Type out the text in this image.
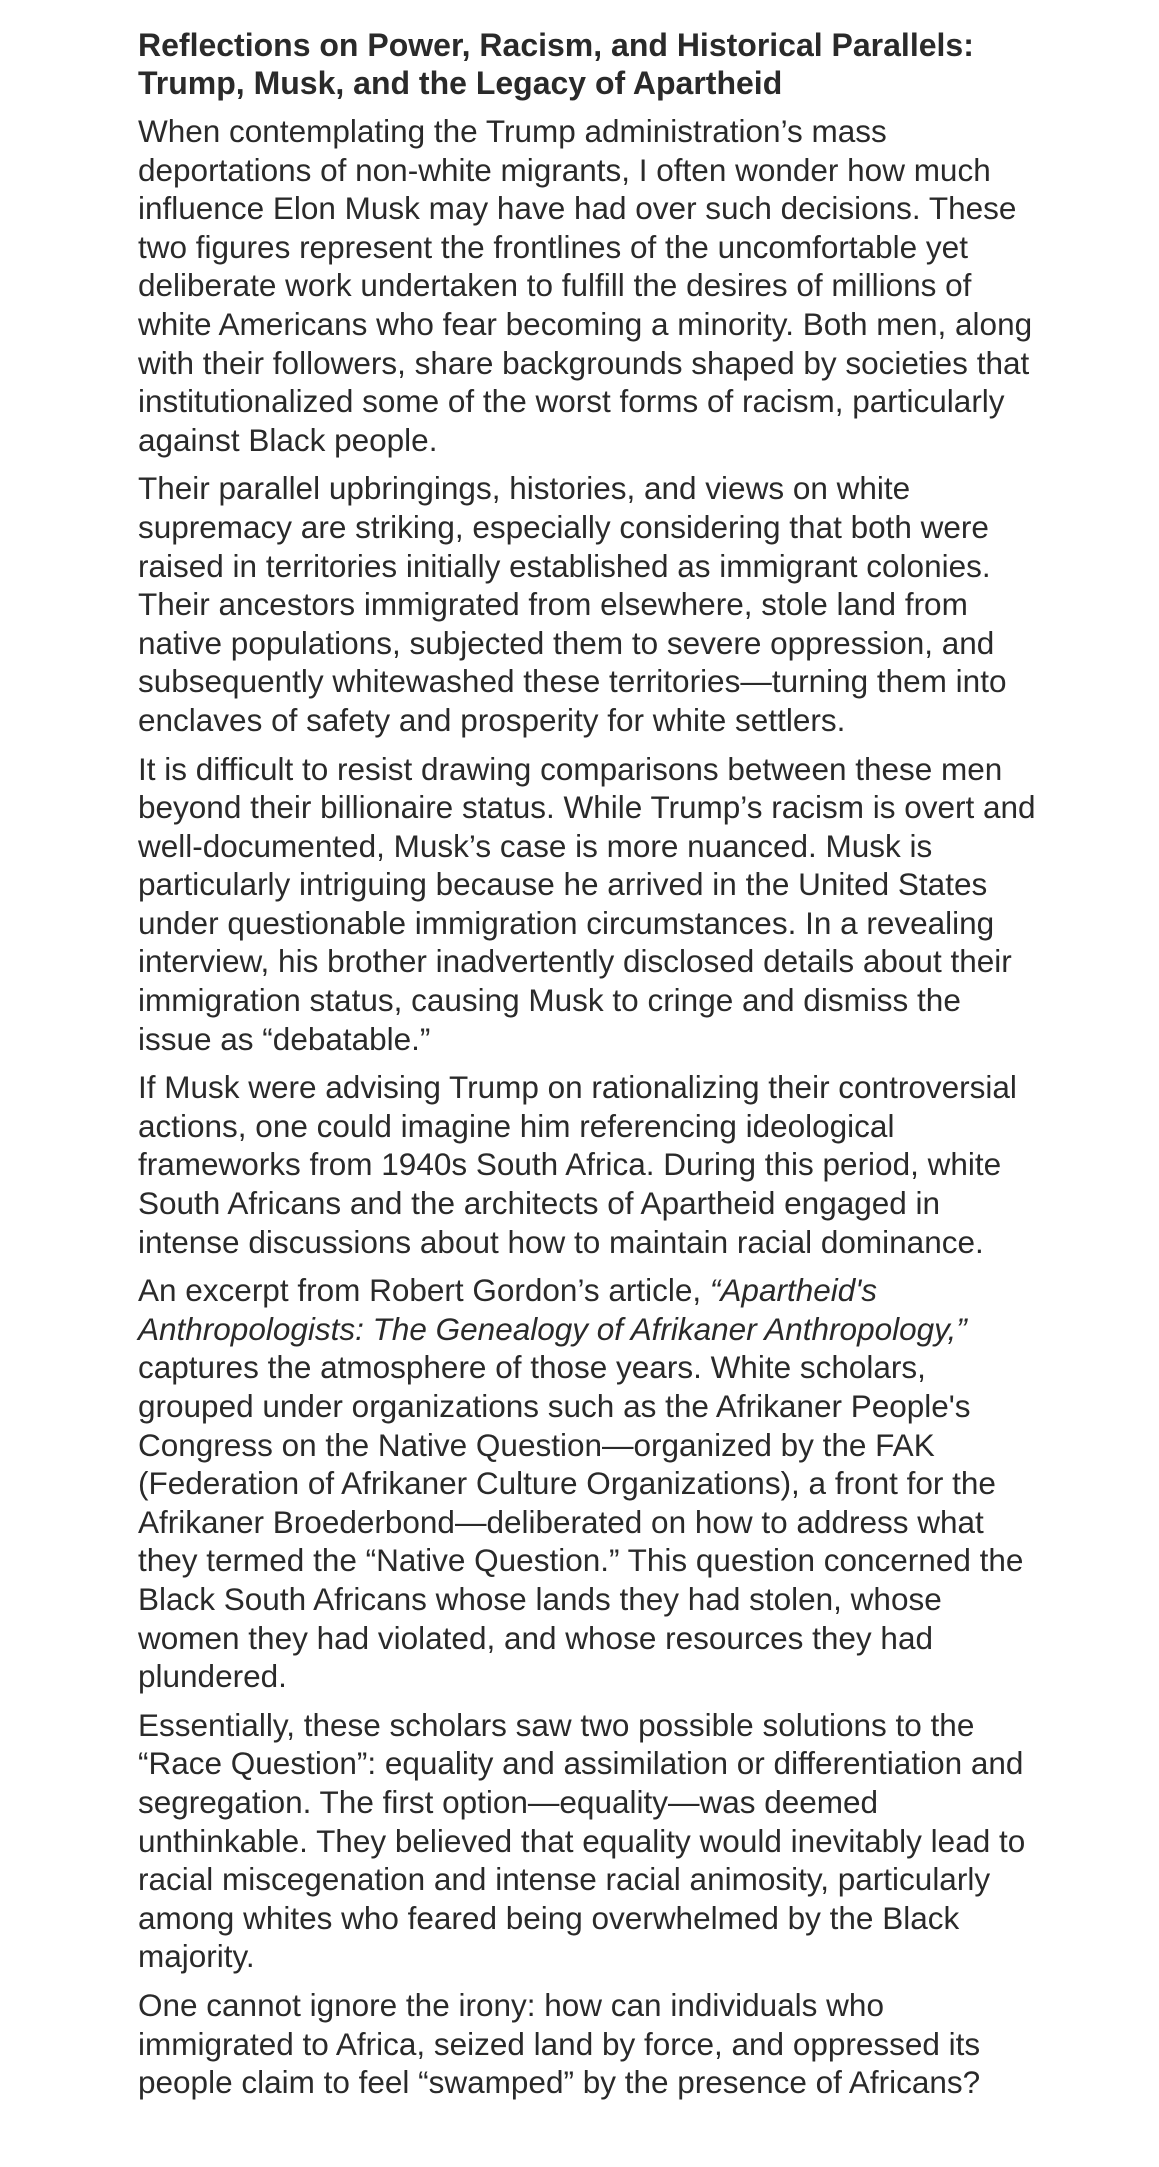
Reflections on Power, Racism, and Historical Parallels:
Trump, Musk, and the Legacy of Apartheid

When contemplating the Trump administration’s mass deportations of non-white migrants, I often wonder how much influence Elon Musk may have had over such decisions. These two figures represent the frontlines of the uncomfortable yet deliberate work undertaken to fulfill the desires of millions of white Americans who fear becoming a minority. Both men, along with their followers, share backgrounds shaped by societies that institutionalized some of the worst forms of racism, particularly against Black people.

Their parallel upbringings, histories, and views on white supremacy are striking, especially considering that both were raised in territories initially established as immigrant colonies. Their ancestors immigrated from elsewhere, stole land from native populations, subjected them to severe oppression, and subsequently whitewashed these territories—turning them into enclaves of safety and prosperity for white settlers.

It is difficult to resist drawing comparisons between these men beyond their billionaire status. While Trump’s racism is overt and well-documented, Musk’s case is more nuanced. Musk is particularly intriguing because he arrived in the United States under questionable immigration circumstances. In a revealing interview, his brother inadvertently disclosed details about their immigration status, causing Musk to cringe and dismiss the issue as “debatable.”

If Musk were advising Trump on rationalizing their controversial actions, one could imagine him referencing ideological frameworks from 1940s South Africa. During this period, white South Africans and the architects of Apartheid engaged in intense discussions about how to maintain racial dominance.

An excerpt from Robert Gordon’s article, “Apartheid's Anthropologists: The Genealogy of Afrikaner Anthropology,” captures the atmosphere of those years. White scholars, grouped under organizations such as the Afrikaner People's Congress on the Native Question—organized by the FAK (Federation of Afrikaner Culture Organizations), a front for the Afrikaner Broederbond—deliberated on how to address what they termed the “Native Question.” This question concerned the Black South Africans whose lands they had stolen, whose women they had violated, and whose resources they had plundered.

Essentially, these scholars saw two possible solutions to the “Race Question”: equality and assimilation or differentiation and segregation. The first option—equality—was deemed unthinkable. They believed that equality would inevitably lead to racial miscegenation and intense racial animosity, particularly among whites who feared being overwhelmed by the Black majority.

One cannot ignore the irony: how can individuals who immigrated to Africa, seized land by force, and oppressed its people claim to feel “swamped” by the presence of Africans?
